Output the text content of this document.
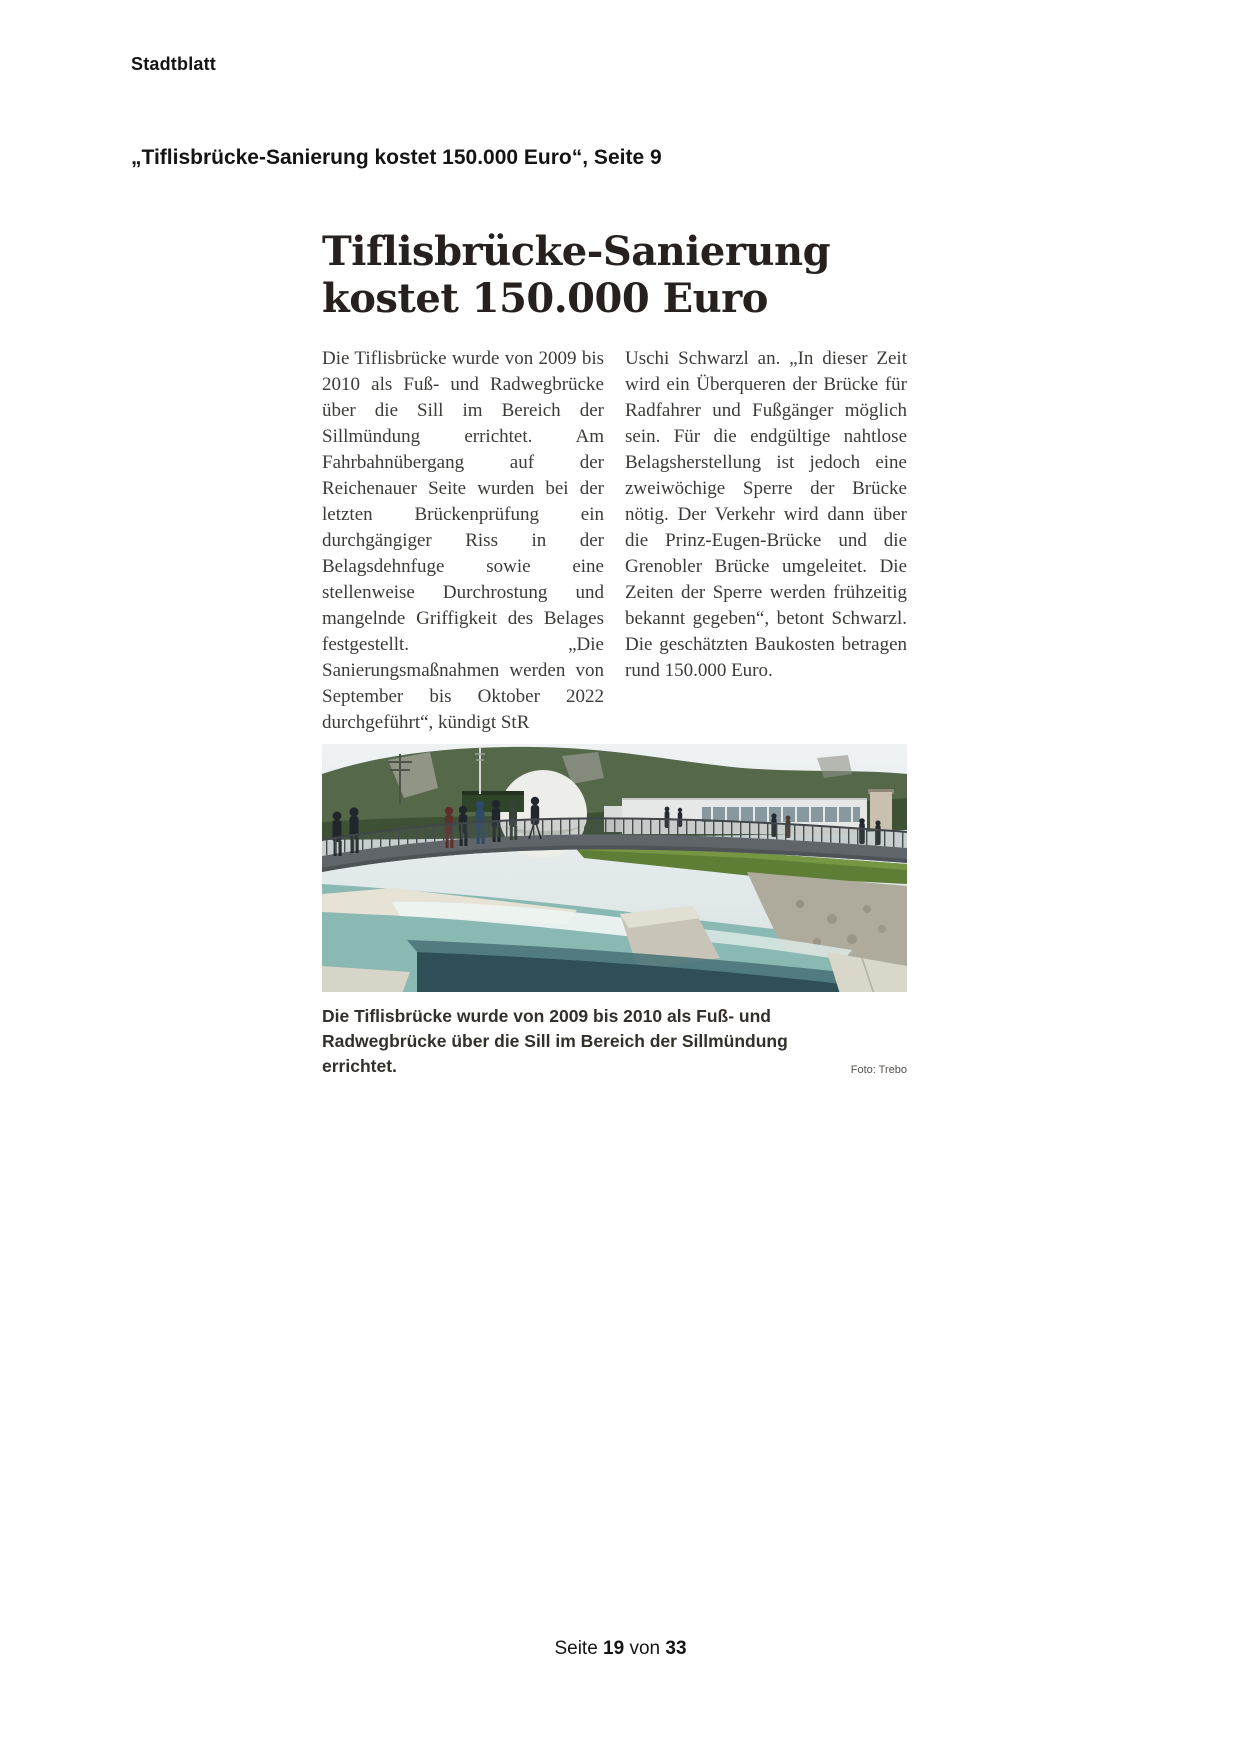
Stadtblatt
„Tiflisbrücke-Sanierung kostet 150.000 Euro“, Seite 9
Tiflisbrücke-Sanierung
kostet 150.000 Euro

Die Tiflisbrücke wurde von 2009 bis 2010 als Fuß- und Radwegbrücke über die Sill im Bereich der Sillmündung errichtet. Am Fahrbahnübergang auf der Reichenauer Seite wurden bei der letzten Brückenprüfung ein durchgängiger Riss in der Belagsdehnfuge sowie eine stellenweise Durchrostung und mangelnde Griffigkeit des Belages festgestellt. „Die Sanierungsmaßnahmen werden von September bis Oktober 2022 durchgeführt“, kündigt StR

Uschi Schwarzl an. „In dieser Zeit wird ein Überqueren der Brücke für Radfahrer und Fußgänger möglich sein. Für die endgültige nahtlose Belagsherstellung ist jedoch eine zweiwöchige Sperre der Brücke nötig. Der Verkehr wird dann über die Prinz-Eugen-Brücke und die Grenobler Brücke umgeleitet. Die Zeiten der Sperre werden frühzeitig bekannt gegeben“, betont Schwarzl. Die geschätzten Baukosten betragen rund 150.000 Euro.

Die Tiflisbrücke wurde von 2009 bis 2010 als Fuß- und Radwegbrücke über die Sill im Bereich der Sillmündung errichtet.	Foto: Trebo
Seite 19 von 33
